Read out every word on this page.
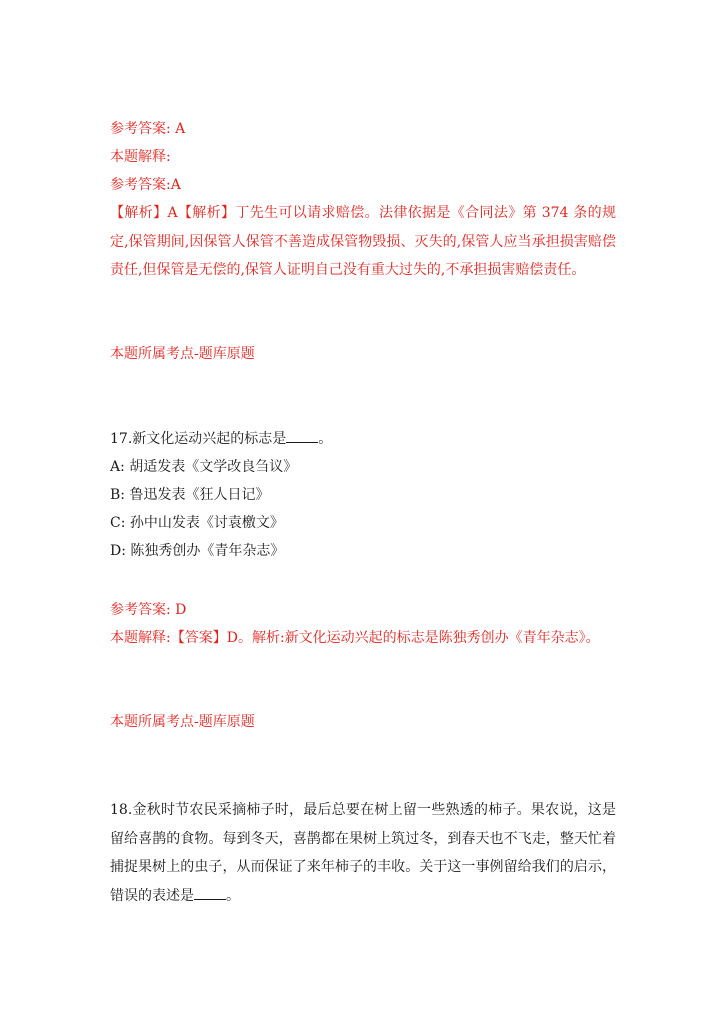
参考答案: A
本题解释:
参考答案:A
【解析】A【解析】丁先生可以请求赔偿。法律依据是《合同法》第 374 条的规定,保管期间,因保管人保管不善造成保管物毁损、灭失的,保管人应当承担损害赔偿责任,但保管是无偿的,保管人证明自己没有重大过失的,不承担损害赔偿责任。
本题所属考点-题库原题
17.新文化运动兴起的标志是 。
A: 胡适发表《文学改良刍议》
B: 鲁迅发表《狂人日记》
C: 孙中山发表《讨袁檄文》
D: 陈独秀创办《青年杂志》
参考答案: D
本题解释:【答案】D。解析:新文化运动兴起的标志是陈独秀创办《青年杂志》。
本题所属考点-题库原题
18.金秋时节农民采摘柿子时，最后总要在树上留一些熟透的柿子。果农说，这是留给喜鹊的食物。每到冬天，喜鹊都在果树上筑过冬，到春天也不飞走，整天忙着捕捉果树上的虫子，从而保证了来年柿子的丰收。关于这一事例留给我们的启示，错误的表述是 。
